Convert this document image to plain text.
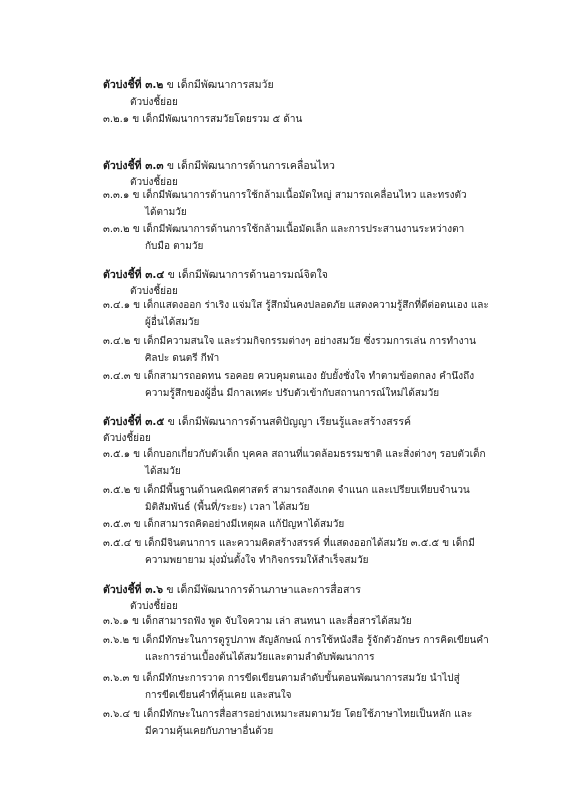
ตัวบ่งชี้ที่ ๓.๒ ข เด็กมีพัฒนาการสมวัย
ตัวบ่งชี้ย่อย
๓.๒.๑ ข เด็กมีพัฒนาการสมวัยโดยรวม ๕ ด้าน
ตัวบ่งชี้ที่ ๓.๓ ข เด็กมีพัฒนาการด้านการเคลื่อนไหว
ตัวบ่งชี้ย่อย
๓.๓.๑ ข เด็กมีพัฒนาการด้านการใช้กล้ามเนื้อมัดใหญ่ สามารถเคลื่อนไหว และทรงตัว
ได้ตามวัย
๓.๓.๒ ข เด็กมีพัฒนาการด้านการใช้กล้ามเนื้อมัดเล็ก และการประสานงานระหว่างตา
กับมือ ตามวัย
ตัวบ่งชี้ที่ ๓.๔ ข เด็กมีพัฒนาการด้านอารมณ์จิตใจ
ตัวบ่งชี้ย่อย
๓.๔.๑ ข เด็กแสดงออก ร่าเริง แจ่มใส รู้สึกมั่นคงปลอดภัย แสดงความรู้สึกที่ดีต่อตนเอง และ
ผู้อื่นได้สมวัย
๓.๔.๒ ข เด็กมีความสนใจ และร่วมกิจกรรมต่างๆ อย่างสมวัย ซึ่งรวมการเล่น การทำงาน
ศิลปะ ดนตรี กีฬา
๓.๔.๓ ข เด็กสามารถอดทน รอคอย ควบคุมตนเอง ยับยั้งชั่งใจ ทำตามข้อตกลง คำนึงถึง
ความรู้สึกของผู้อื่น มีกาลเทศะ ปรับตัวเข้ากับสถานการณ์ใหม่ได้สมวัย
ตัวบ่งชี้ที่ ๓.๕ ข เด็กมีพัฒนาการด้านสติปัญญา เรียนรู้และสร้างสรรค์
ตัวบ่งชี้ย่อย
๓.๕.๑ ข เด็กบอกเกี่ยวกับตัวเด็ก บุคคล สถานที่แวดล้อมธรรมชาติ และสิ่งต่างๆ รอบตัวเด็ก
ได้สมวัย
๓.๕.๒ ข เด็กมีพื้นฐานด้านคณิตศาสตร์ สามารถสังเกต จำแนก และเปรียบเทียบจำนวน
มิติสัมพันธ์ (พื้นที่/ระยะ) เวลา ได้สมวัย
๓.๕.๓ ข เด็กสามารถคิดอย่างมีเหตุผล แก้ปัญหาได้สมวัย
๓.๕.๔ ข เด็กมีจินตนาการ และความคิดสร้างสรรค์ ที่แสดงออกได้สมวัย ๓.๕.๕ ข เด็กมี
ความพยายาม มุ่งมั่นตั้งใจ ทำกิจกรรมให้สำเร็จสมวัย
ตัวบ่งชี้ที่ ๓.๖ ข เด็กมีพัฒนาการด้านภาษาและการสื่อสาร
ตัวบ่งชี้ย่อย
๓.๖.๑ ข เด็กสามารถฟัง พูด จับใจความ เล่า สนทนา และสื่อสารได้สมวัย
๓.๖.๒ ข เด็กมีทักษะในการดูรูปภาพ สัญลักษณ์ การใช้หนังสือ รู้จักตัวอักษร การคิดเขียนคำ
และการอ่านเบื้องต้นได้สมวัยและตามลำดับพัฒนาการ
๓.๖.๓ ข เด็กมีทักษะการวาด การขีดเขียนตามลำดับขั้นตอนพัฒนาการสมวัย นำไปสู่
การขีดเขียนคำที่คุ้นเคย และสนใจ
๓.๖.๔ ข เด็กมีทักษะในการสื่อสารอย่างเหมาะสมตามวัย โดยใช้ภาษาไทยเป็นหลัก และ
มีความคุ้นเคยกับภาษาอื่นด้วย
